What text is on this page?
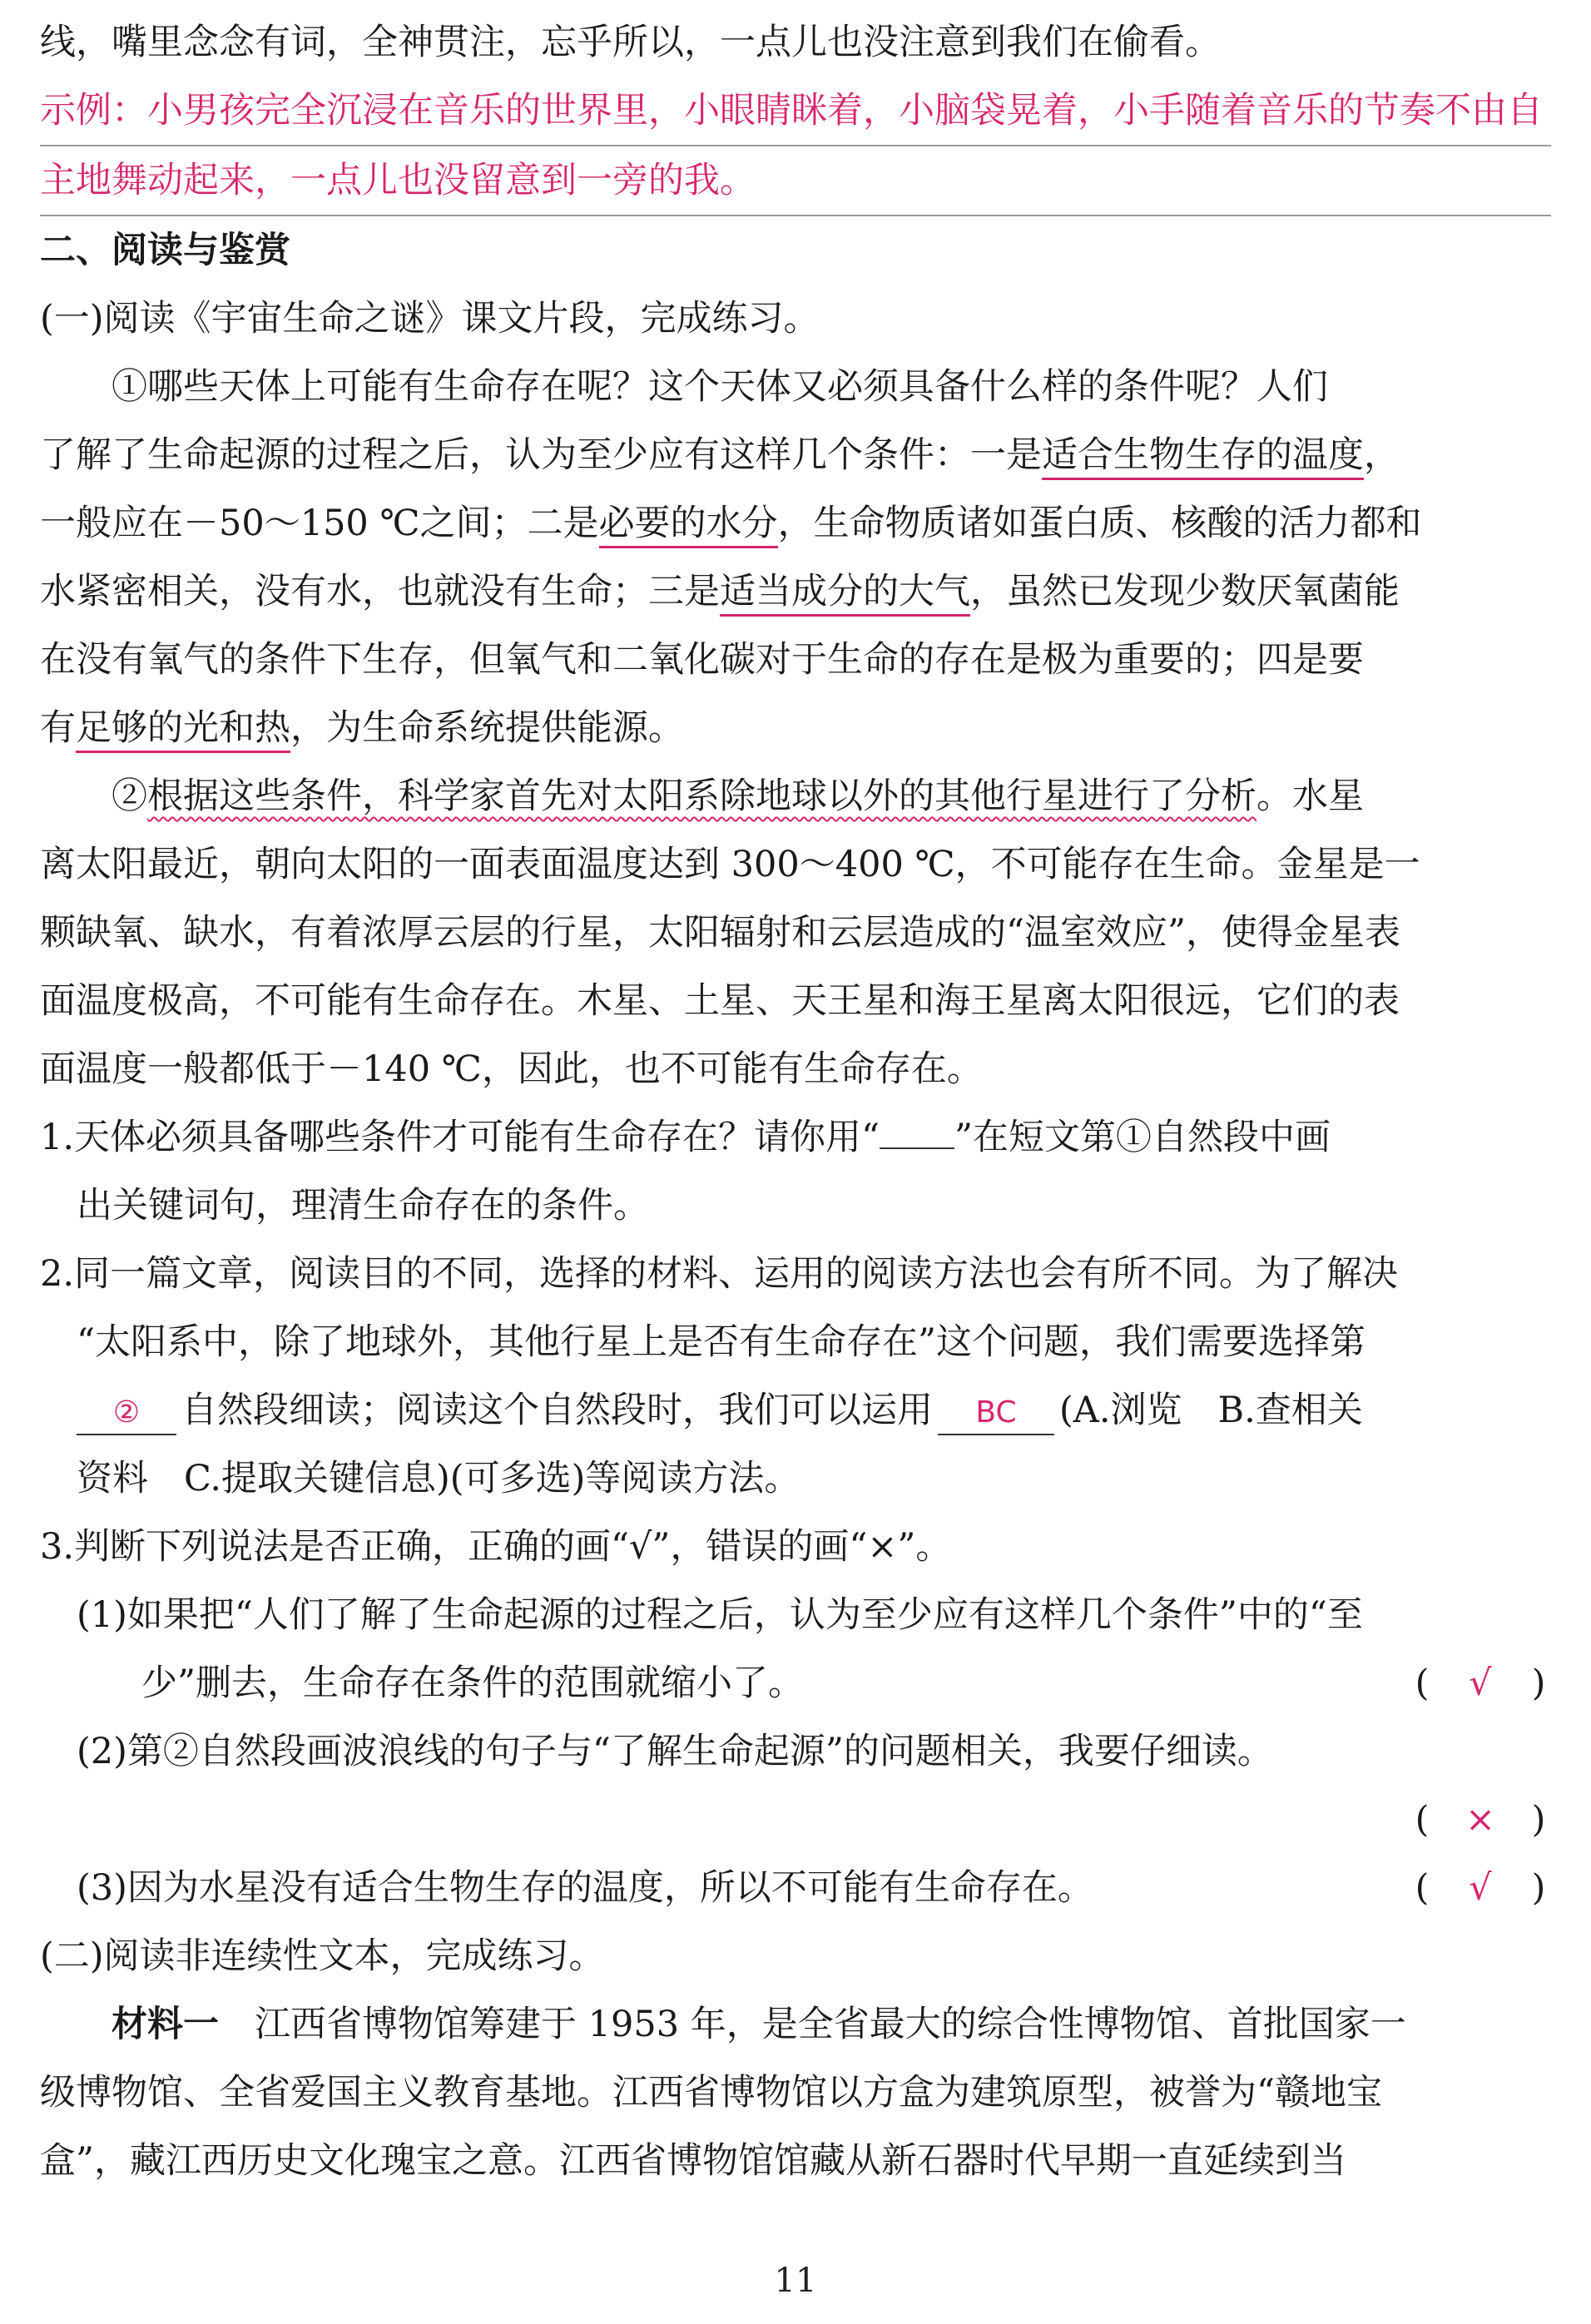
线，嘴里念念有词，全神贯注，忘乎所以，一点儿也没注意到我们在偷看。
示例：小男孩完全沉浸在音乐的世界里，小眼睛眯着，小脑袋晃着，小手随着音乐的节奏不由自
主地舞动起来，一点儿也没留意到一旁的我。
二、阅读与鉴赏
(一)阅读《宇宙生命之谜》课文片段，完成练习。
①哪些天体上可能有生命存在呢？这个天体又必须具备什么样的条件呢？人们
了解了生命起源的过程之后，认为至少应有这样几个条件：一是适合生物生存的温度，
一般应在－50～150 ℃之间；二是必要的水分，生命物质诸如蛋白质、核酸的活力都和
水紧密相关，没有水，也就没有生命；三是适当成分的大气，虽然已发现少数厌氧菌能
在没有氧气的条件下生存，但氧气和二氧化碳对于生命的存在是极为重要的；四是要
有足够的光和热，为生命系统提供能源。
②根据这些条件，科学家首先对太阳系除地球以外的其他行星进行了分析。水星
离太阳最近，朝向太阳的一面表面温度达到 300～400 ℃，不可能存在生命。金星是一
颗缺氧、缺水，有着浓厚云层的行星，太阳辐射和云层造成的“温室效应”，使得金星表
面温度极高，不可能有生命存在。木星、土星、天王星和海王星离太阳很远，它们的表
面温度一般都低于－140 ℃，因此，也不可能有生命存在。
1.天体必须具备哪些条件才可能有生命存在？请你用“ ”在短文第①自然段中画
出关键词句，理清生命存在的条件。
2.同一篇文章，阅读目的不同，选择的材料、运用的阅读方法也会有所不同。为了解决
“太阳系中，除了地球外，其他行星上是否有生命存在”这个问题，我们需要选择第
② 自然段细读；阅读这个自然段时，我们可以运用 BC (A.浏览　B.查相关
资料　C.提取关键信息)(可多选)等阅读方法。
3.判断下列说法是否正确，正确的画“√”，错误的画“×”。
(1)如果把“人们了解了生命起源的过程之后，认为至少应有这样几个条件”中的“至
少”删去，生命存在条件的范围就缩小了。	(	√	)
(2)第②自然段画波浪线的句子与“了解生命起源”的问题相关，我要仔细读。

(	×	)
(3)因为水星没有适合生物生存的温度，所以不可能有生命存在。	(	√	)
(二)阅读非连续性文本，完成练习。
材料一　江西省博物馆筹建于 1953 年，是全省最大的综合性博物馆、首批国家一
级博物馆、全省爱国主义教育基地。江西省博物馆以方盒为建筑原型，被誉为“赣地宝
盒”，藏江西历史文化瑰宝之意。江西省博物馆馆藏从新石器时代早期一直延续到当
11
